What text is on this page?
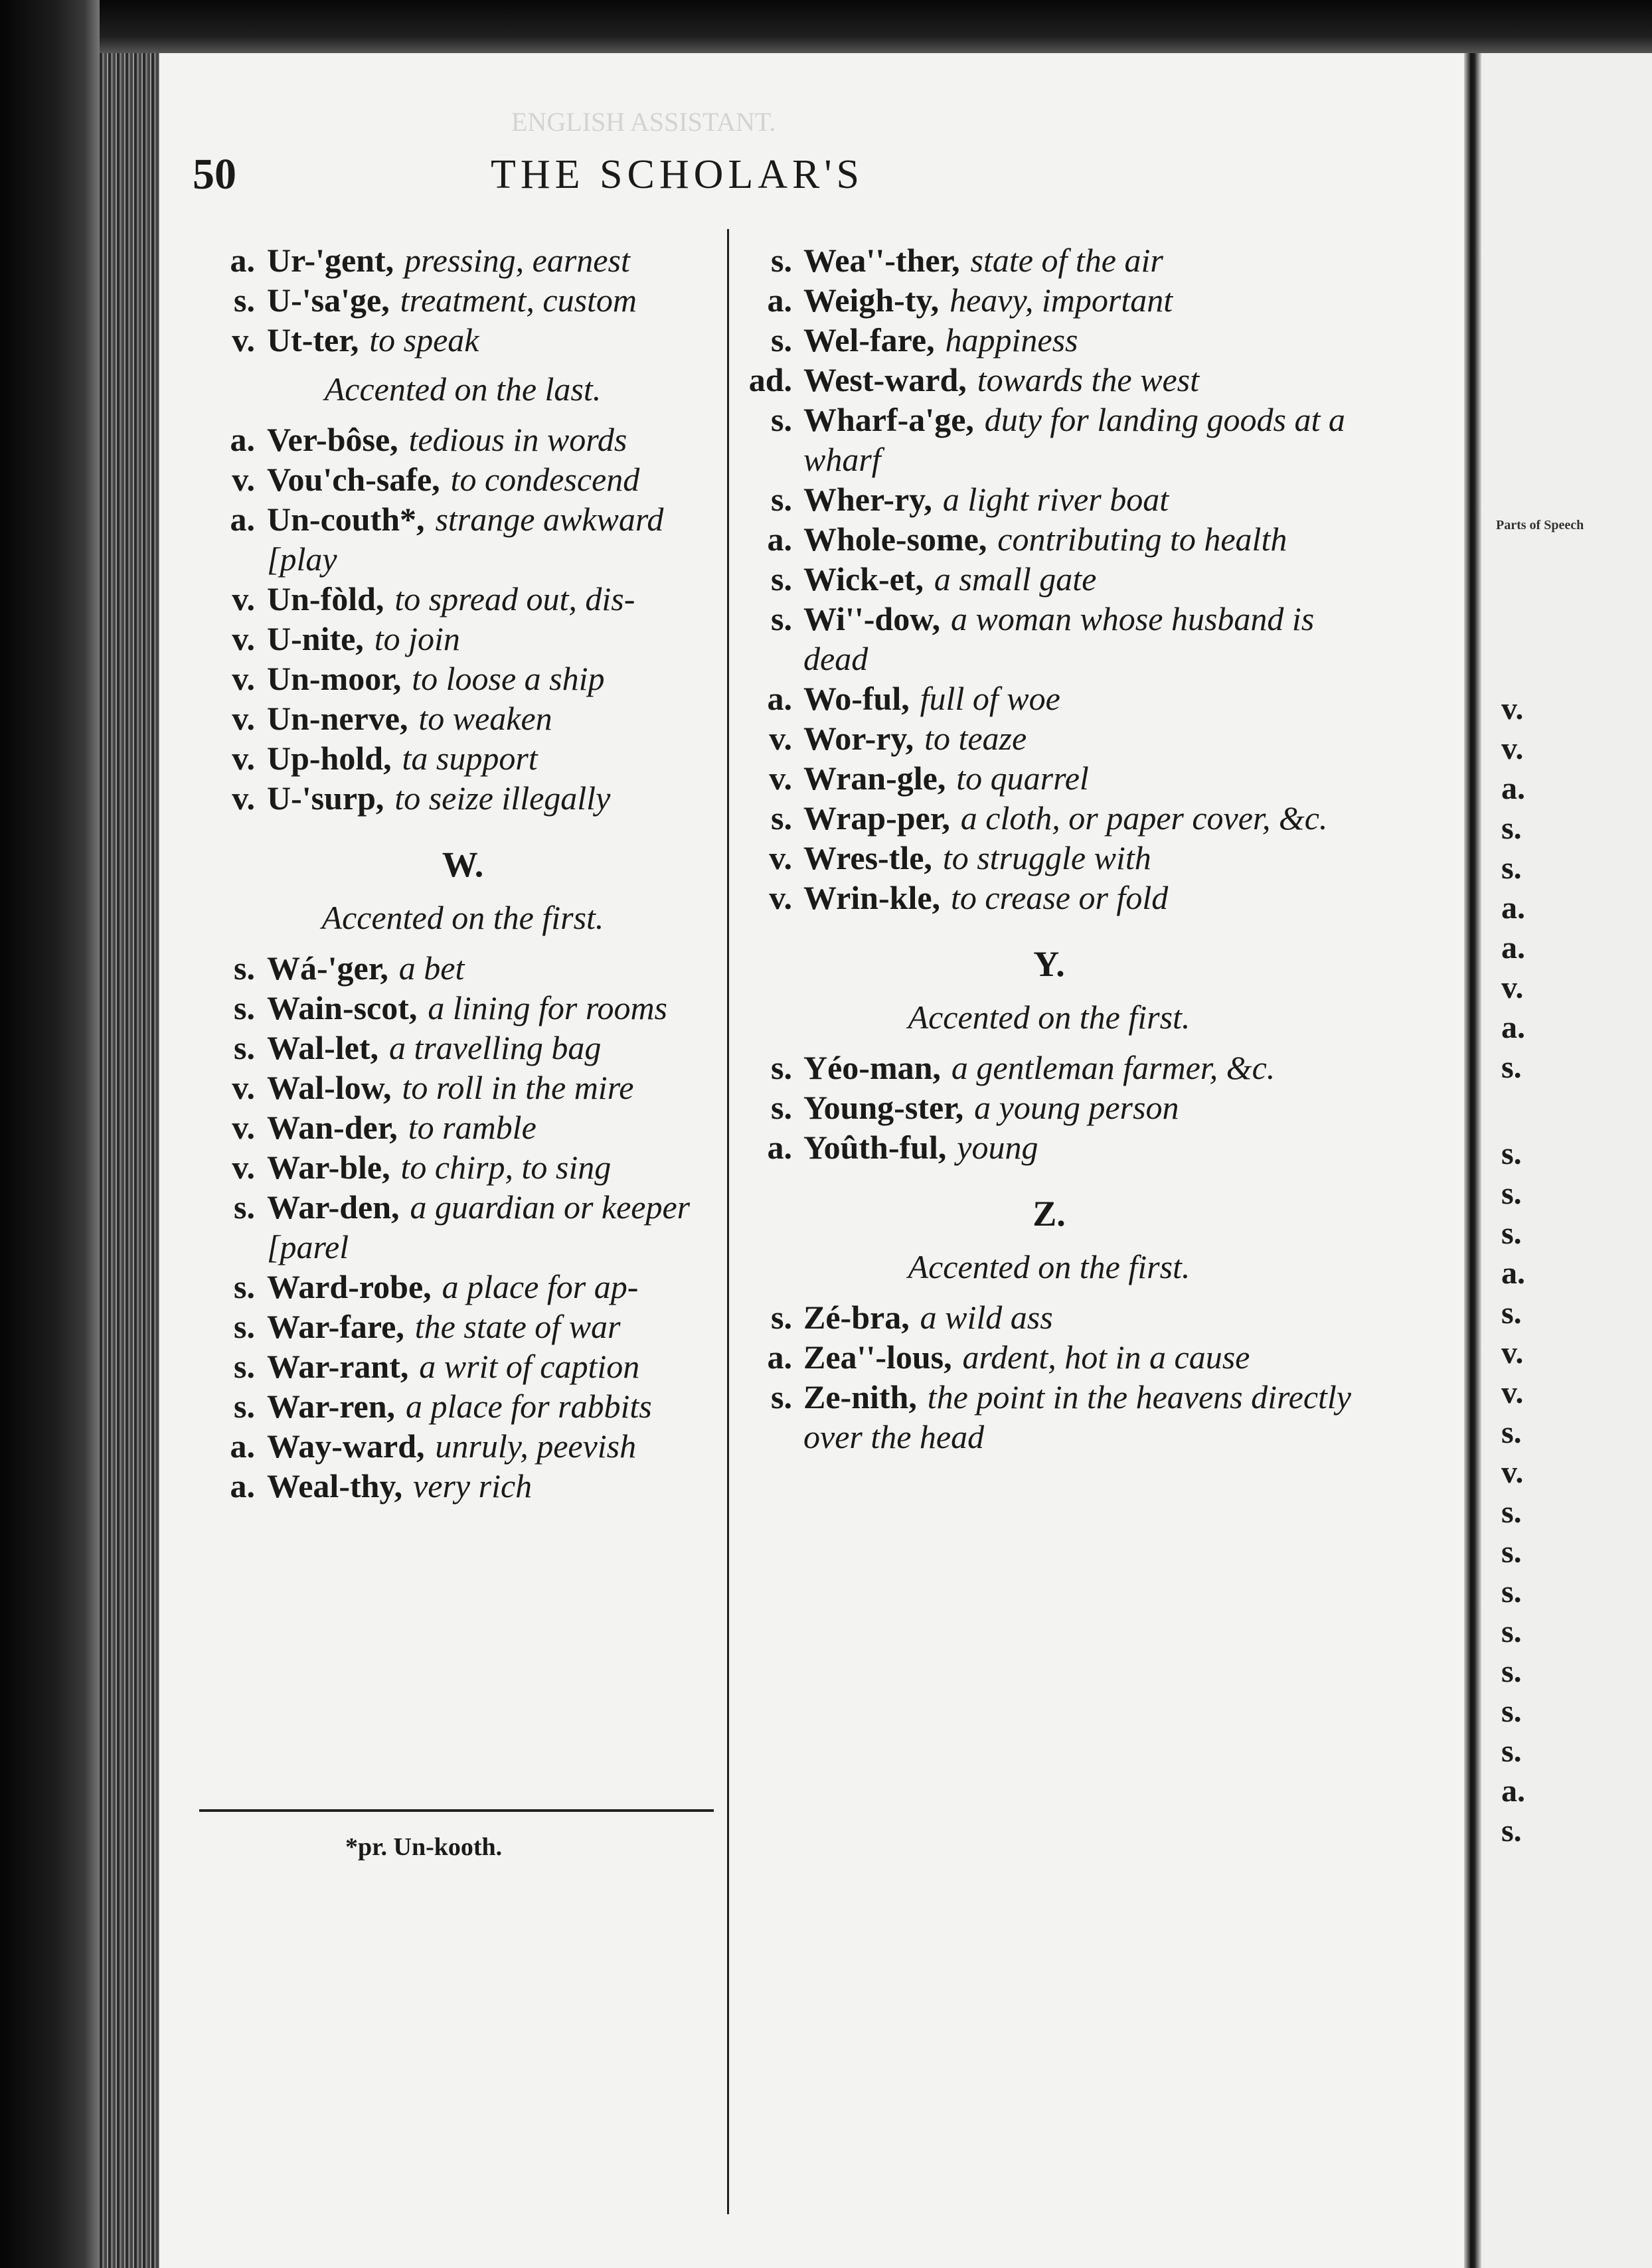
ENGLISH ASSISTANT.
Parts of Speech
v.
v.
a.
s.
s.
a.
a.
v.
a.
s.
s.
s.
s.
a.
s.
v.
v.
s.
v.
s.
s.
s.
s.
s.
s.
s.
a.
s.
50	THE SCHOLAR'S
a. Ur-'gent, pressing, earnest
s. U-'sa'ge, treatment, custom
v. Ut-ter, to speak
Accented on the last.
a. Ver-bôse, tedious in words
v. Vou'ch-safe, to condescend
a. Un-couth*, strange awkward [play
v. Un-fòld, to spread out, dis-
v. U-nite, to join
v. Un-moor, to loose a ship
v. Un-nerve, to weaken
v. Up-hold, ta support
v. U-'surp, to seize illegally
W.
Accented on the first.
s. Wá-'ger, a bet
s. Wain-scot, a lining for rooms
s. Wal-let, a travelling bag
v. Wal-low, to roll in the mire
v. Wan-der, to ramble
v. War-ble, to chirp, to sing
s. War-den, a guardian or keeper [parel
s. Ward-robe, a place for ap-
s. War-fare, the state of war
s. War-rant, a writ of caption
s. War-ren, a place for rabbits
a. Way-ward, unruly, peevish
a. Weal-thy, very rich
s. Wea''-ther, state of the air
a. Weigh-ty, heavy, important
s. Wel-fare, happiness
ad. West-ward, towards the west
s. Wharf-a'ge, duty for landing goods at a wharf
s. Wher-ry, a light river boat
a. Whole-some, contributing to health
s. Wick-et, a small gate
s. Wi''-dow, a woman whose husband is dead
a. Wo-ful, full of woe
v. Wor-ry, to teaze
v. Wran-gle, to quarrel
s. Wrap-per, a cloth, or paper cover, &c.
v. Wres-tle, to struggle with
v. Wrin-kle, to crease or fold
Y.
Accented on the first.
s. Yéo-man, a gentleman farmer, &c.
s. Young-ster, a young person
a. Yoûth-ful, young
Z.
Accented on the first.
s. Zé-bra, a wild ass
a. Zea''-lous, ardent, hot in a cause
s. Ze-nith, the point in the heavens directly over the head
*pr. Un-kooth.
